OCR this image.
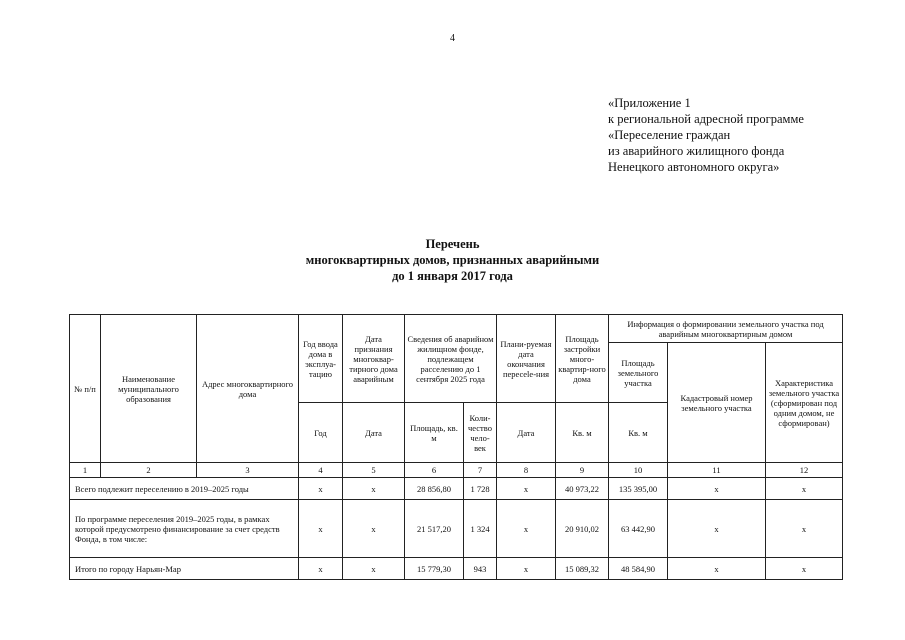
4
«Приложение 1
к региональной адресной программе
«Переселение граждан
из аварийного жилищного фонда
Ненецкого автономного округа»
Перечень
многоквартирных домов, признанных аварийными
до 1 января 2017 года
№ п/п	Наименование муниципального образования	Адрес многоквартирного дома	Год ввода дома в эксплуа-тацию	Дата признания многоквар-тирного дома аварийным	Сведения об аварийном жилищном фонде, подлежащем расселению до 1 сентября 2025 года		Плани-руемая дата окончания пересele-ния	Площадь застройки много-квартир-ного дома	Информация о формировании земельного участка под аварийным многоквартирным домом		
									Площадь земельного участка	Кадастровый номер земельного участка	Характеристика земельного участка (сформирован под одним домом, не сформирован)
			Год	Дата	Площадь, кв. м	Коли-чество чело-век	Дата	Кв. м	Кв. м		
1	2	3	4	5	6	7	8	9	10	11	12
Всего подлежит переселению в 2019–2025 годы			х	х	28 856,80	1 728	х	40 973,22	135 395,00	х	х
По программе переселения 2019–2025 годы, в рамках которой предусмотрено финансирование за счет средств Фонда, в том числе:			х	х	21 517,20	1 324	х	20 910,02	63 442,90	х	х
Итого по городу Нарьян-Мар			х	х	15 779,30	943	х	15 089,32	48 584,90	х	х
